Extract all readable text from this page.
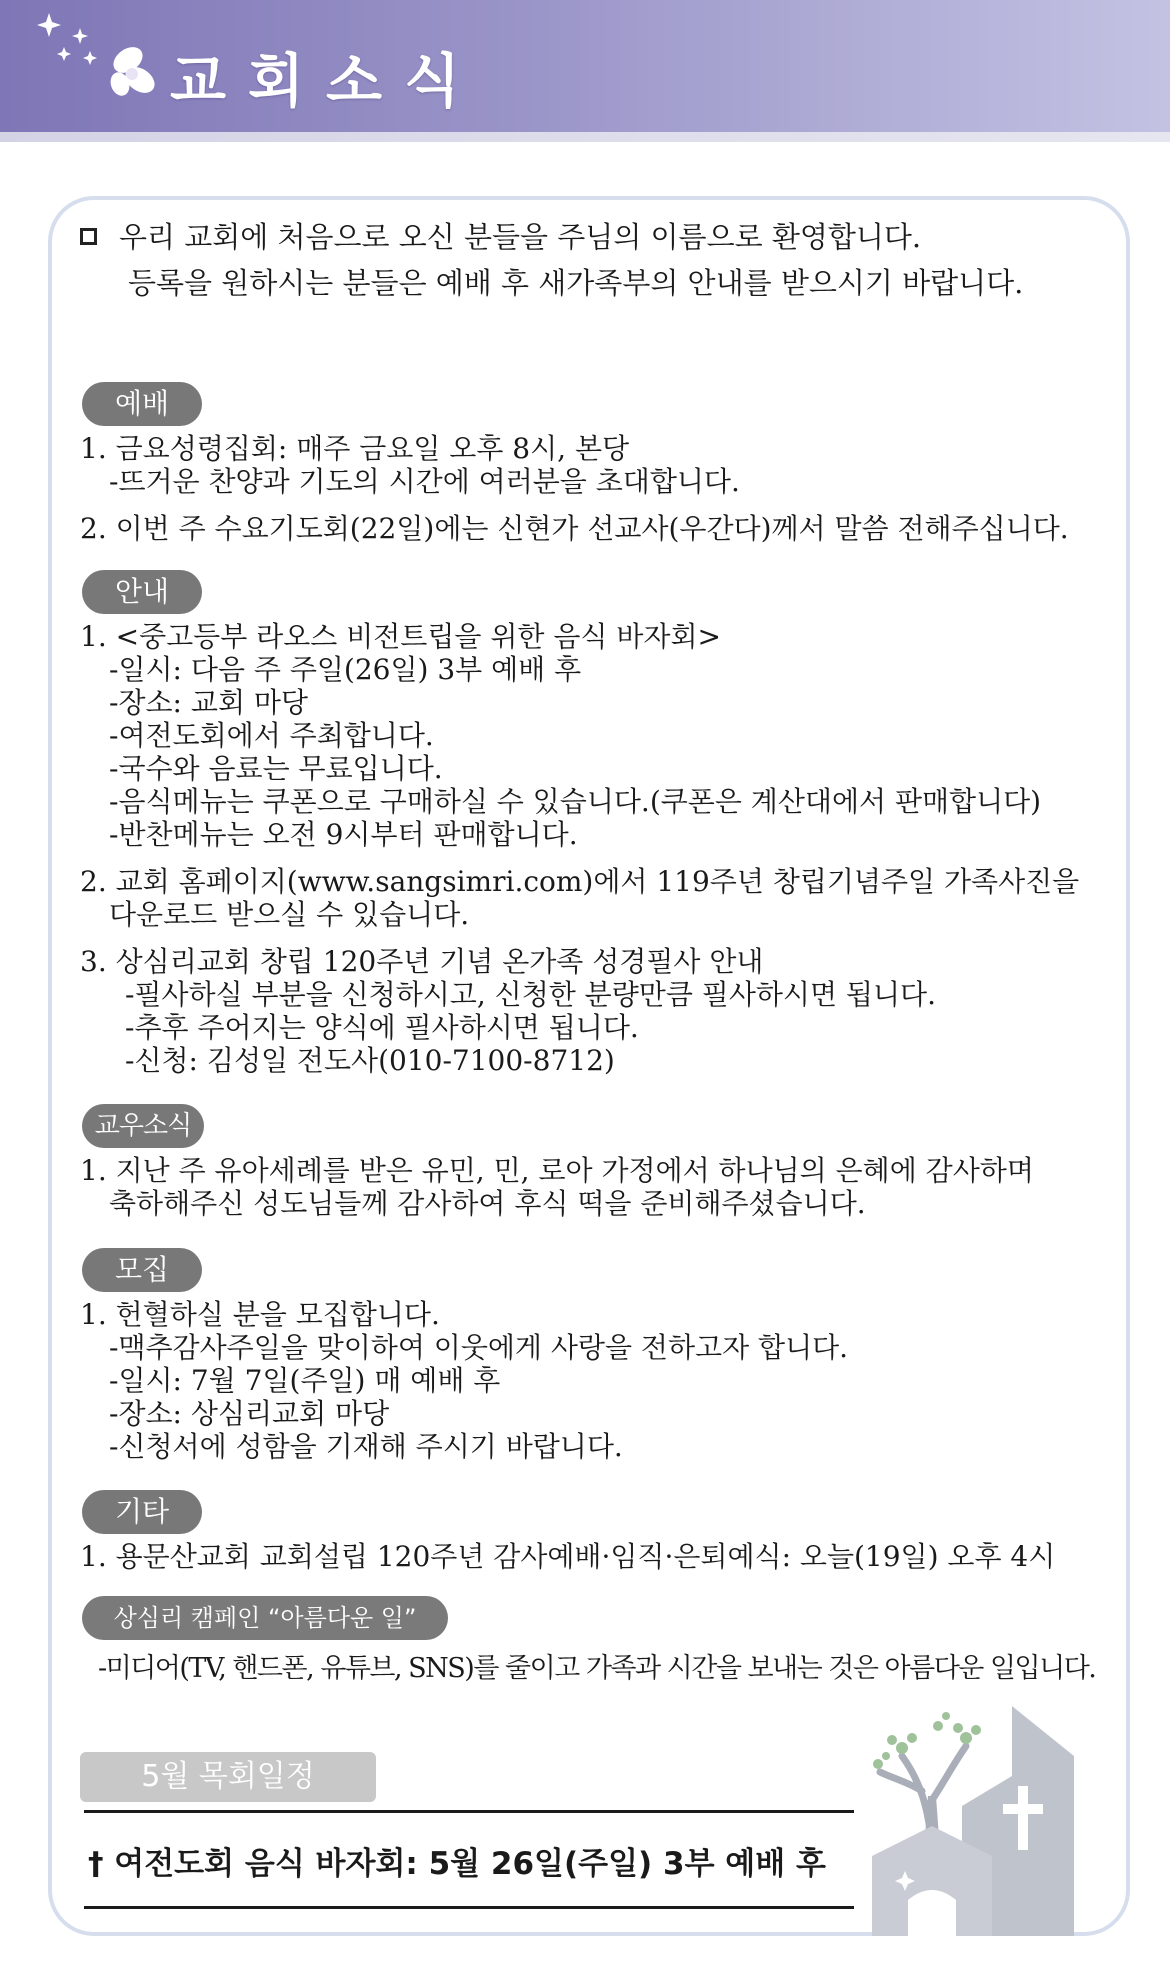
교회소식
우리 교회에 처음으로 오신 분들을 주님의 이름으로 환영합니다.
등록을 원하시는 분들은 예배 후 새가족부의 안내를 받으시기 바랍니다.
예배
1. 금요성령집회: 매주 금요일 오후 8시, 본당
-뜨거운 찬양과 기도의 시간에 여러분을 초대합니다.
2. 이번 주 수요기도회(22일)에는 신현가 선교사(우간다)께서 말씀 전해주십니다.
안내
1. <중고등부 라오스 비전트립을 위한 음식 바자회>
-일시: 다음 주 주일(26일) 3부 예배 후
-장소: 교회 마당
-여전도회에서 주최합니다.
-국수와 음료는 무료입니다.
-음식메뉴는 쿠폰으로 구매하실 수 있습니다.(쿠폰은 계산대에서 판매합니다)
-반찬메뉴는 오전 9시부터 판매합니다.
2. 교회 홈페이지(www.sangsimri.com)에서 119주년 창립기념주일 가족사진을
다운로드 받으실 수 있습니다.
3. 상심리교회 창립 120주년 기념 온가족 성경필사 안내
-필사하실 부분을 신청하시고, 신청한 분량만큼 필사하시면 됩니다.
-추후 주어지는 양식에 필사하시면 됩니다.
-신청: 김성일 전도사(010-7100-8712)
교우소식
1. 지난 주 유아세례를 받은 유민, 민, 로아 가정에서 하나님의 은혜에 감사하며
축하해주신 성도님들께 감사하여 후식 떡을 준비해주셨습니다.
모집
1. 헌혈하실 분을 모집합니다.
-맥추감사주일을 맞이하여 이웃에게 사랑을 전하고자 합니다.
-일시: 7월 7일(주일) 매 예배 후
-장소: 상심리교회 마당
-신청서에 성함을 기재해 주시기 바랍니다.
기타
1. 용문산교회 교회설립 120주년 감사예배·임직·은퇴예식: 오늘(19일) 오후 4시
상심리 캠페인 “아름다운 일”
-미디어(TV, 핸드폰, 유튜브, SNS)를 줄이고 가족과 시간을 보내는 것은 아름다운 일입니다.
5월 목회일정
† 여전도회 음식 바자회: 5월 26일(주일) 3부 예배 후
